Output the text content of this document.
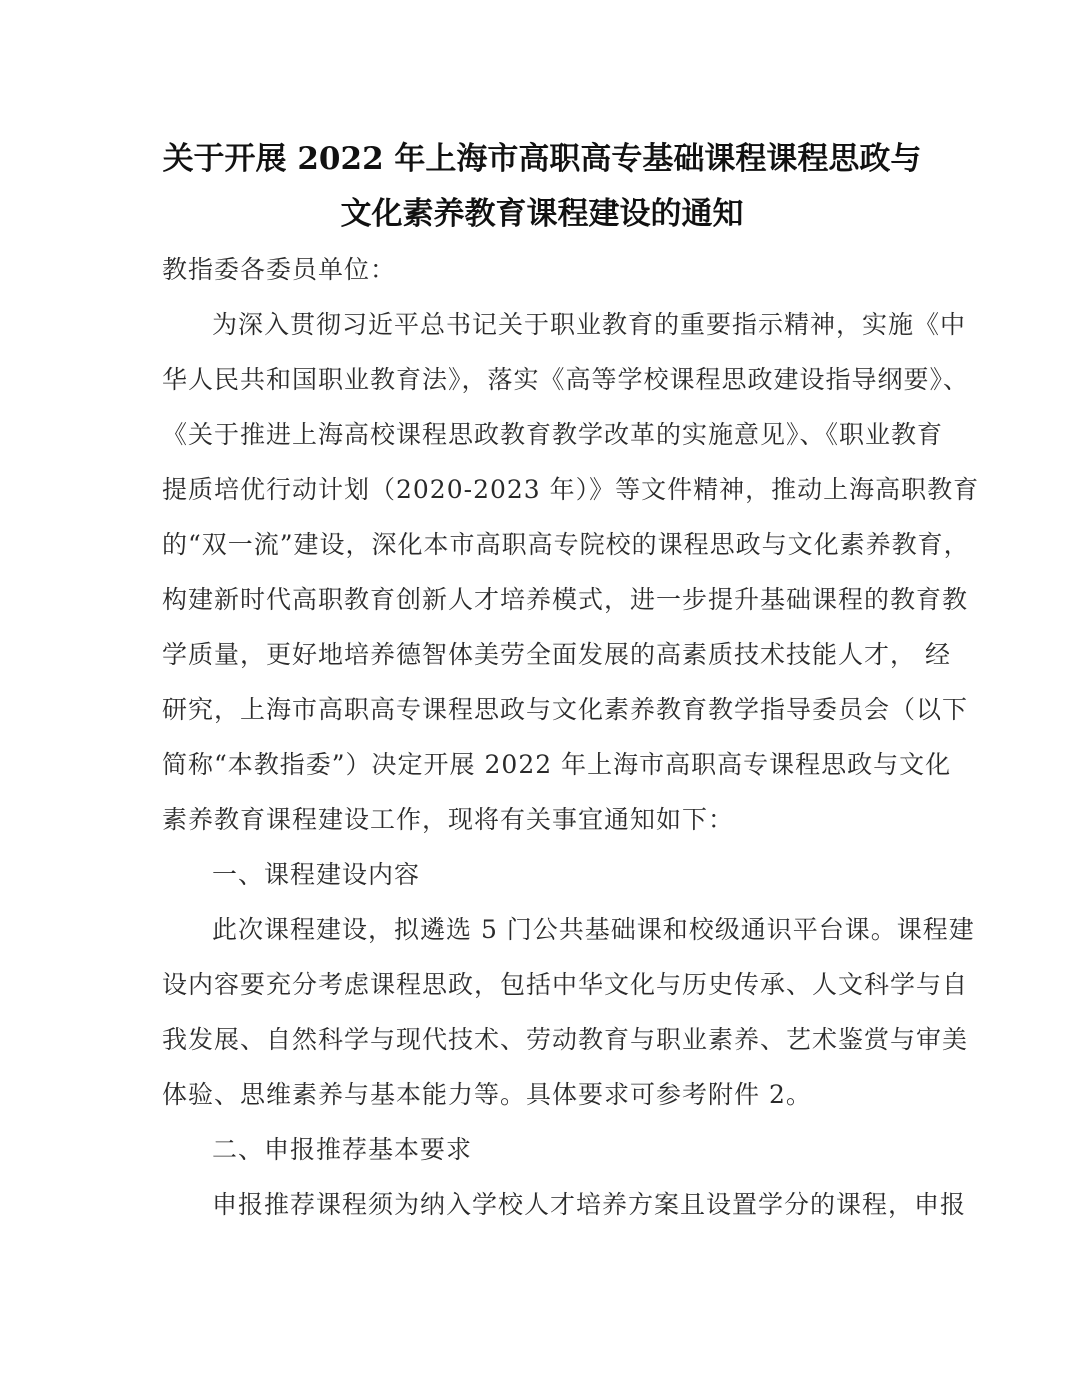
关于开展 2022 年上海市高职高专基础课程课程思政与
文化素养教育课程建设的通知
教指委各委员单位：
为深入贯彻习近平总书记关于职业教育的重要指示精神，实施《中
华人民共和国职业教育法》，落实《高等学校课程思政建设指导纲要》、
《关于推进上海高校课程思政教育教学改革的实施意见》、《职业教育
提质培优行动计划（2020-2023 年）》等文件精神，推动上海高职教育
的“双一流”建设，深化本市高职高专院校的课程思政与文化素养教育，
构建新时代高职教育创新人才培养模式，进一步提升基础课程的教育教
学质量，更好地培养德智体美劳全面发展的高素质技术技能人才， 经
研究，上海市高职高专课程思政与文化素养教育教学指导委员会（以下
简称“本教指委”）决定开展 2022 年上海市高职高专课程思政与文化
素养教育课程建设工作，现将有关事宜通知如下：
一、课程建设内容
此次课程建设，拟遴选 5 门公共基础课和校级通识平台课。课程建
设内容要充分考虑课程思政，包括中华文化与历史传承、人文科学与自
我发展、自然科学与现代技术、劳动教育与职业素养、艺术鉴赏与审美
体验、思维素养与基本能力等。具体要求可参考附件 2。
二、申报推荐基本要求
申报推荐课程须为纳入学校人才培养方案且设置学分的课程，申报
